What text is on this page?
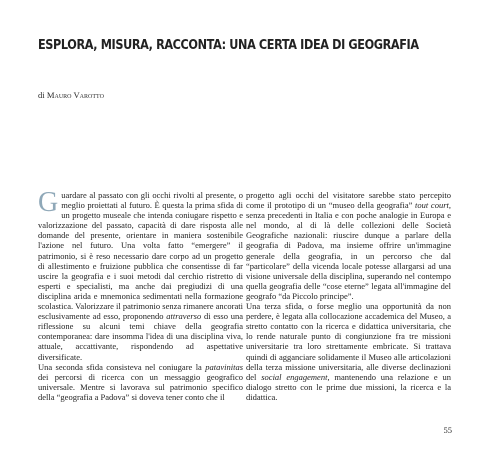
ESPLORA, MISURA, RACCONTA: UNA CERTA IDEA DI GEOGRAFIA
di Mauro Varotto

Guardare al passato con gli occhi rivolti al presente, o meglio proiettati al futuro. È questa la prima sfida di un progetto museale che intenda coniugare rispetto e valorizzazione del passato, capacità di dare risposta alle domande del presente, orientare in maniera sostenibile l'azione nel futuro. Una volta fatto “emergere” il patrimonio, si è reso necessario dare corpo ad un progetto di allestimento e fruizione pubblica che consentisse di far uscire la geografia e i suoi metodi dal cerchio ristretto di esperti e specialisti, ma anche dai pregiudizi di una disciplina arida e mnemonica sedimentati nella formazione scolastica. Valorizzare il patrimonio senza rimanere ancorati esclusivamente ad esso, proponendo attraverso di esso una riflessione su alcuni temi chiave della geografia contemporanea: dare insomma l'idea di una disciplina viva, attuale, accattivante, rispondendo ad aspettative diversificate.

Una seconda sfida consisteva nel coniugare la patavinitas dei percorsi di ricerca con un messaggio geografico universale. Mentre si lavorava sul patrimonio specifico della “geografia a Padova” si doveva tener conto che il

progetto agli occhi del visitatore sarebbe stato percepito come il prototipo di un “museo della geografia” tout court, senza precedenti in Italia e con poche analogie in Europa e nel mondo, al di là delle collezioni delle Società Geografiche nazionali: riuscire dunque a parlare della geografia di Padova, ma insieme offrire un'immagine generale della geografia, in un percorso che dal “particolare” della vicenda locale potesse allargarsi ad una visione universale della disciplina, superando nel contempo quella geografia delle “cose eterne” legata all'immagine del geografo “da Piccolo principe”.

Una terza sfida, o forse meglio una opportunità da non perdere, è legata alla collocazione accademica del Museo, a stretto contatto con la ricerca e didattica universitaria, che lo rende naturale punto di congiunzione fra tre missioni universitarie tra loro strettamente embricate. Si trattava quindi di agganciare solidamente il Museo alle articolazioni della terza missione universitaria, alle diverse declinazioni del social engagement, mantenendo una relazione e un dialogo stretto con le prime due missioni, la ricerca e la didattica.

55
